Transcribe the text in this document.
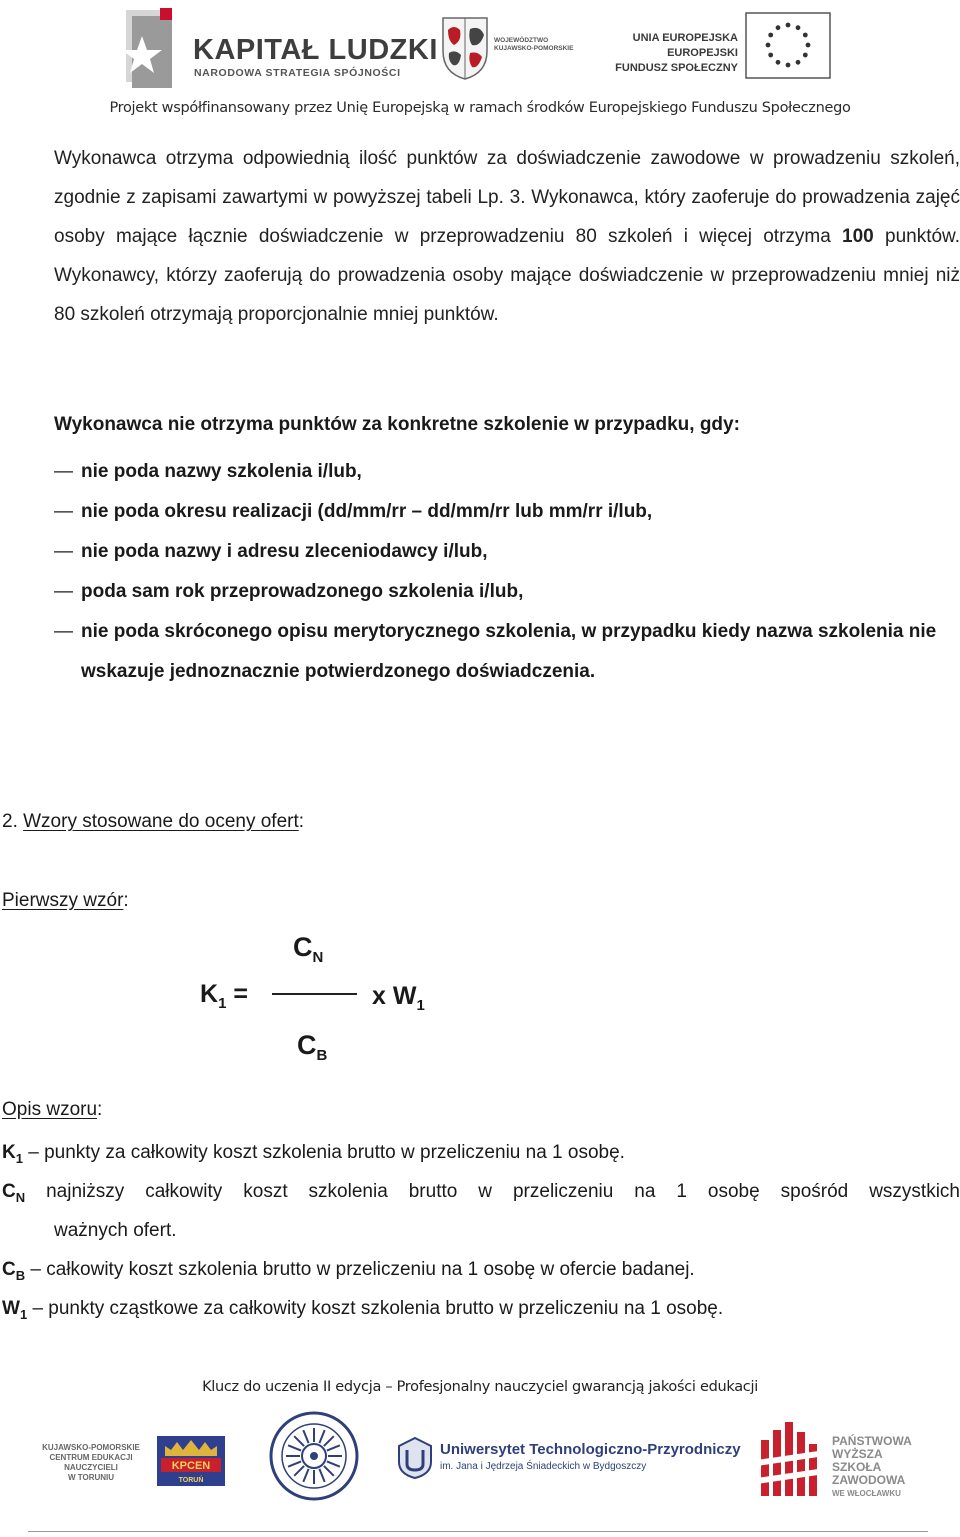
KAPITAŁ LUDZKI
NARODOWA STRATEGIA SPÓJNOŚCI
WOJEWÓDZTWO
KUJAWSKO-POMORSKIE
UNIA EUROPEJSKA
EUROPEJSKI
FUNDUSZ SPOŁECZNY
Projekt współfinansowany przez Unię Europejską w ramach środków Europejskiego Funduszu Społecznego
Wykonawca otrzyma odpowiednią ilość punktów za doświadczenie zawodowe w prowadzeniu szkoleń, zgodnie z zapisami zawartymi w powyższej tabeli Lp. 3. Wykonawca, który zaoferuje do prowadzenia zajęć osoby mające łącznie doświadczenie w przeprowadzeniu 80 szkoleń i więcej otrzyma 100 punktów. Wykonawcy, którzy zaoferują do prowadzenia osoby mające doświadczenie w przeprowadzeniu mniej niż 80 szkoleń otrzymają proporcjonalnie mniej punktów.
Wykonawca nie otrzyma punktów za konkretne szkolenie w przypadku, gdy:
—
nie poda nazwy szkolenia i/lub,
—
nie poda okresu realizacji (dd/mm/rr – dd/mm/rr lub mm/rr i/lub,
—
nie poda nazwy i adresu zleceniodawcy i/lub,
—
poda sam rok przeprowadzonego szkolenia i/lub,
—
nie poda skróconego opisu merytorycznego szkolenia, w przypadku kiedy nazwa szkolenia nie wskazuje jednoznacznie potwierdzonego doświadczenia.
2. Wzory stosowane do oceny ofert:
Pierwszy wzór:
$C_N$
$K_1$ =	x $W_1$
$C_B$
Opis wzoru:
$K_1$ – punkty za całkowity koszt szkolenia brutto w przeliczeniu na 1 osobę.
$C_N$ najniższy całkowity koszt szkolenia brutto w przeliczeniu na 1 osobę spośród wszystkich
ważnych ofert.
$C_B$ – całkowity koszt szkolenia brutto w przeliczeniu na 1 osobę w ofercie badanej.
$W_1$ – punkty cząstkowe za całkowity koszt szkolenia brutto w przeliczeniu na 1 osobę.
Klucz do uczenia II edycja – Profesjonalny nauczyciel gwarancją jakości edukacji
KUJAWSKO-POMORSKIE
CENTRUM EDUKACJI
NAUCZYCIELI
W TORUNIU
KPCEN
TORUŃ
Uniwersytet Technologiczno-Przyrodniczy
im. Jana i Jędrzeja Śniadeckich w Bydgoszczy
PAŃSTWOWA
WYŻSZA
SZKOŁA
ZAWODOWA
WE WŁOCŁAWKU
